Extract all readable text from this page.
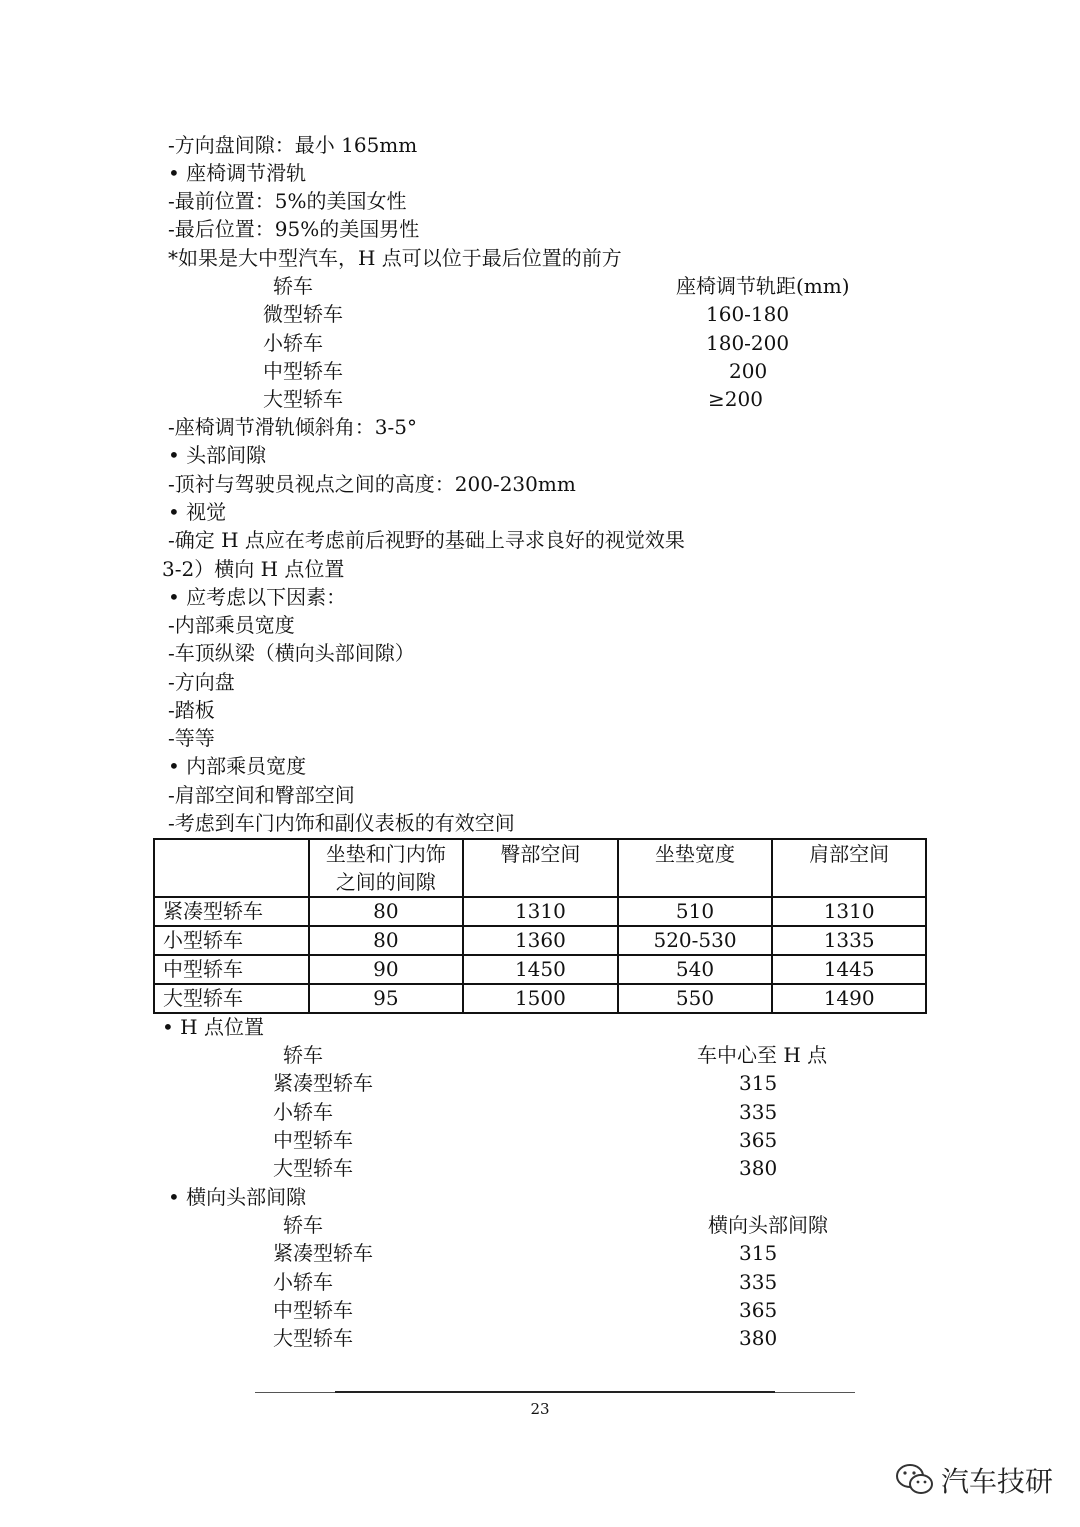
-方向盘间隙：最小 165mm
• 座椅调节滑轨
-最前位置：5%的美国女性
-最后位置：95%的美国男性
*如果是大中型汽车，H 点可以位于最后位置的前方
轿车	座椅调节轨距(mm)
微型轿车	160-180
小轿车	180-200
中型轿车	200
大型轿车	≥200
-座椅调节滑轨倾斜角：3-5°
• 头部间隙
-顶衬与驾驶员视点之间的高度：200-230mm
• 视觉
-确定 H 点应在考虑前后视野的基础上寻求良好的视觉效果
3-2）横向 H 点位置
• 应考虑以下因素：
-内部乘员宽度
-车顶纵梁（横向头部间隙）
-方向盘
-踏板
-等等
• 内部乘员宽度
-肩部空间和臀部空间
-考虑到车门内饰和副仪表板的有效空间
	坐垫和门内饰
之间的间隙	臀部空间	坐垫宽度	肩部空间
紧凑型轿车	80	1310	510	1310
小型轿车	80	1360	520-530	1335
中型轿车	90	1450	540	1445
大型轿车	95	1500	550	1490
• H 点位置
轿车	车中心至 H 点
紧凑型轿车	315
小轿车	335
中型轿车	365
大型轿车	380
• 横向头部间隙
轿车	横向头部间隙
紧凑型轿车	315
小轿车	335
中型轿车	365
大型轿车	380
23
汽车技研
